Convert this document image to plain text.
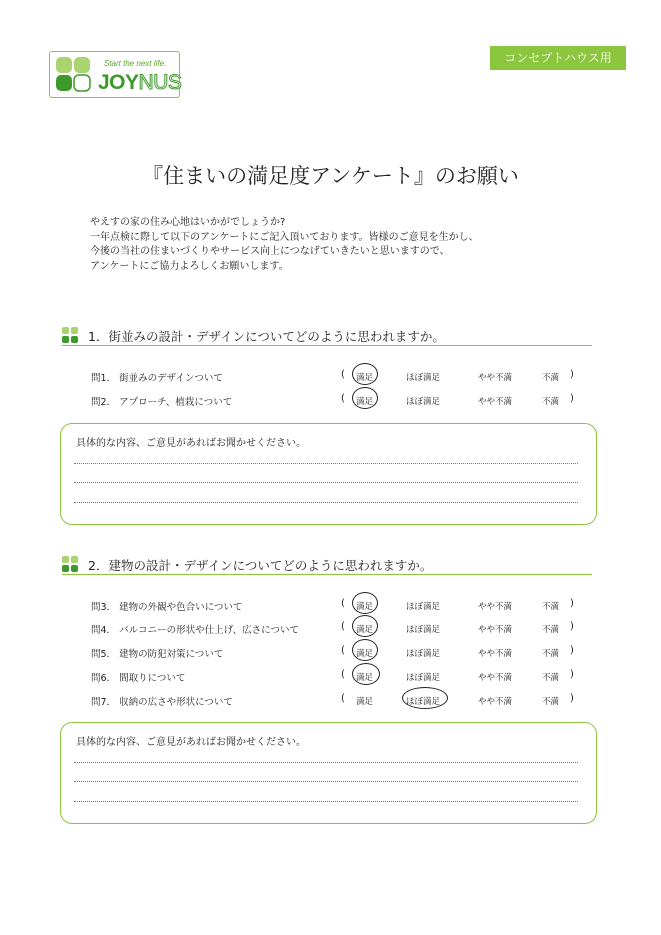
Start the next life.
JOYNUS
コンセプトハウス用
『住まいの満足度アンケート』のお願い
やえすの家の住み心地はいかがでしょうか?
一年点検に際して以下のアンケートにご記入頂いております。皆様のご意見を生かし、
今後の当社の住まいづくりやサービス向上につなげていきたいと思いますので、
アンケートにご協力よろしくお願いします。
1．街並みの設計・デザインについてどのように思われますか。
問1． 街並みのデザインついて	( 満足	ほぼ満足	やや不満	不満 )
問2． アプローチ、植栽について	( 満足	ほぼ満足	やや不満	不満 )
具体的な内容、ご意見があればお聞かせください。
2．建物の設計・デザインについてどのように思われますか。
問3． 建物の外観や色合いについて	( 満足	ほぼ満足	やや不満	不満 )
問4． バルコニーの形状や仕上げ、広さについて	( 満足	ほぼ満足	やや不満	不満 )
問5． 建物の防犯対策について	( 満足	ほぼ満足	やや不満	不満 )
問6． 間取りについて	( 満足	ほぼ満足	やや不満	不満 )
問7． 収納の広さや形状について	( 満足	ほぼ満足	やや不満	不満 )
具体的な内容、ご意見があればお聞かせください。
